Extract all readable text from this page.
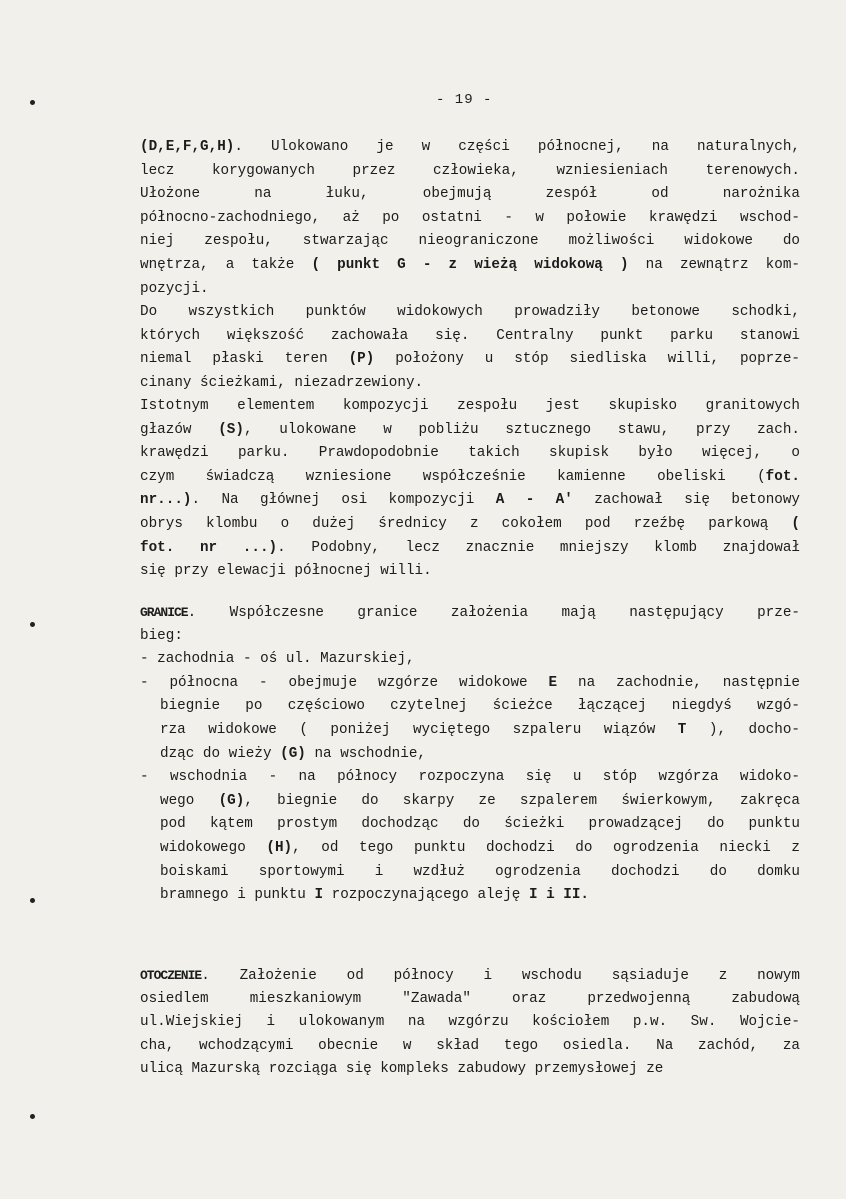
- 19 -
(D,E,F,G,H). Ulokowano je w części północnej, na naturalnych,
lecz korygowanych przez człowieka, wzniesieniach terenowych.
Ułożone na łuku, obejmują zespół od narożnika
północno-zachodniego, aż po ostatni - w połowie krawędzi wschod-
niej zespołu, stwarzając nieograniczone możliwości widokowe do
wnętrza, a także ( punkt G - z wieżą widokową ) na zewnątrz kom-
pozycji.
Do wszystkich punktów widokowych prowadziły betonowe schodki,
których większość zachowała się. Centralny punkt parku stanowi
niemal płaski teren (P) położony u stóp siedliska willi, poprze-
cinany ścieżkami, niezadrzewiony.
Istotnym elementem kompozycji zespołu jest skupisko granitowych
głazów (S), ulokowane w pobliżu sztucznego stawu, przy zach.
krawędzi parku. Prawdopodobnie takich skupisk było więcej, o
czym świadczą wzniesione współcześnie kamienne obeliski (fot.
nr...). Na głównej osi kompozycji A - A' zachował się betonowy
obrys klombu o dużej średnicy z cokołem pod rzeźbę parkową (
fot. nr ...). Podobny, lecz znacznie mniejszy klomb znajdował
się przy elewacji północnej willi.
GRANICE. Współczesne granice założenia mają następujący prze-
bieg:
- zachodnia - oś ul. Mazurskiej,
- północna - obejmuje wzgórze widokowe E na zachodnie, następnie
biegnie po częściowo czytelnej ścieżce łączącej niegdyś wzgó-
rza widokowe ( poniżej wyciętego szpaleru wiązów T ), docho-
dząc do wieży (G) na wschodnie,
- wschodnia - na północy rozpoczyna się u stóp wzgórza widoko-
wego (G), biegnie do skarpy ze szpalerem świerkowym, zakręca
pod kątem prostym dochodząc do ścieżki prowadzącej do punktu
widokowego (H), od tego punktu dochodzi do ogrodzenia niecki z
boiskami sportowymi i wzdłuż ogrodzenia dochodzi do domku
bramnego i punktu I rozpoczynającego aleję I i II.
OTOCZENIE. Założenie od północy i wschodu sąsiaduje z nowym
osiedlem mieszkaniowym "Zawada" oraz przedwojenną zabudową
ul.Wiejskiej i ulokowanym na wzgórzu kościołem p.w. Sw. Wojcie-
cha, wchodzącymi obecnie w skład tego osiedla. Na zachód, za
ulicą Mazurską rozciąga się kompleks zabudowy przemysłowej ze
